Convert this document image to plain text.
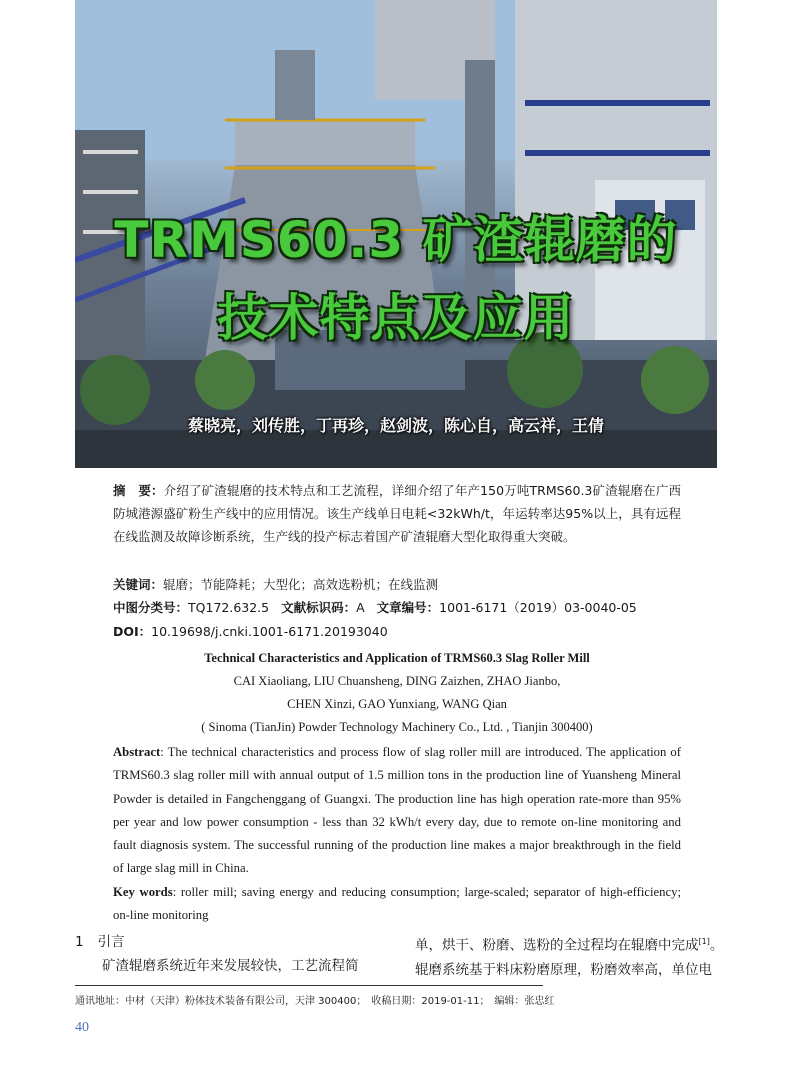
TRMS60.3 矿渣辊磨的
技术特点及应用
蔡晓亮，刘传胜，丁再珍，赵剑波，陈心自，高云祥，王倩
摘　要：介绍了矿渣辊磨的技术特点和工艺流程，详细介绍了年产150万吨TRMS60.3矿渣辊磨在广西防城港源盛矿粉生产线中的应用情况。该生产线单日电耗<32kWh/t，年运转率达95%以上，具有远程在线监测及故障诊断系统，生产线的投产标志着国产矿渣辊磨大型化取得重大突破。
关键词：辊磨；节能降耗；大型化；高效选粉机；在线监测
中图分类号：TQ172.632.5 文献标识码：A 文章编号：1001-6171（2019）03-0040-05
DOI：10.19698/j.cnki.1001-6171.20193040
Technical Characteristics and Application of TRMS60.3 Slag Roller Mill
CAI Xiaoliang, LIU Chuansheng, DING Zaizhen, ZHAO Jianbo,
CHEN Xinzi, GAO Yunxiang, WANG Qian
( Sinoma (TianJin) Powder Technology Machinery Co., Ltd. , Tianjin 300400)
Abstract: The technical characteristics and process flow of slag roller mill are introduced. The application of TRMS60.3 slag roller mill with annual output of 1.5 million tons in the production line of Yuansheng Mineral Powder is detailed in Fangchenggang of Guangxi. The production line has high operation rate-more than 95% per year and low power consumption - less than 32 kWh/t every day, due to remote on-line monitoring and fault diagnosis system. The successful running of the production line makes a major breakthrough in the field of large slag mill in China.
Key words: roller mill; saving energy and reducing consumption; large-scaled; separator of high-efficiency; on-line monitoring
1 引言
矿渣辊磨系统近年来发展较快，工艺流程简
单，烘干、粉磨、选粉的全过程均在辊磨中完成[1]。
辊磨系统基于料床粉磨原理，粉磨效率高，单位电
通讯地址：中材（天津）粉体技术装备有限公司，天津 300400；　收稿日期：2019-01-11；　编辑：张忠红
40
